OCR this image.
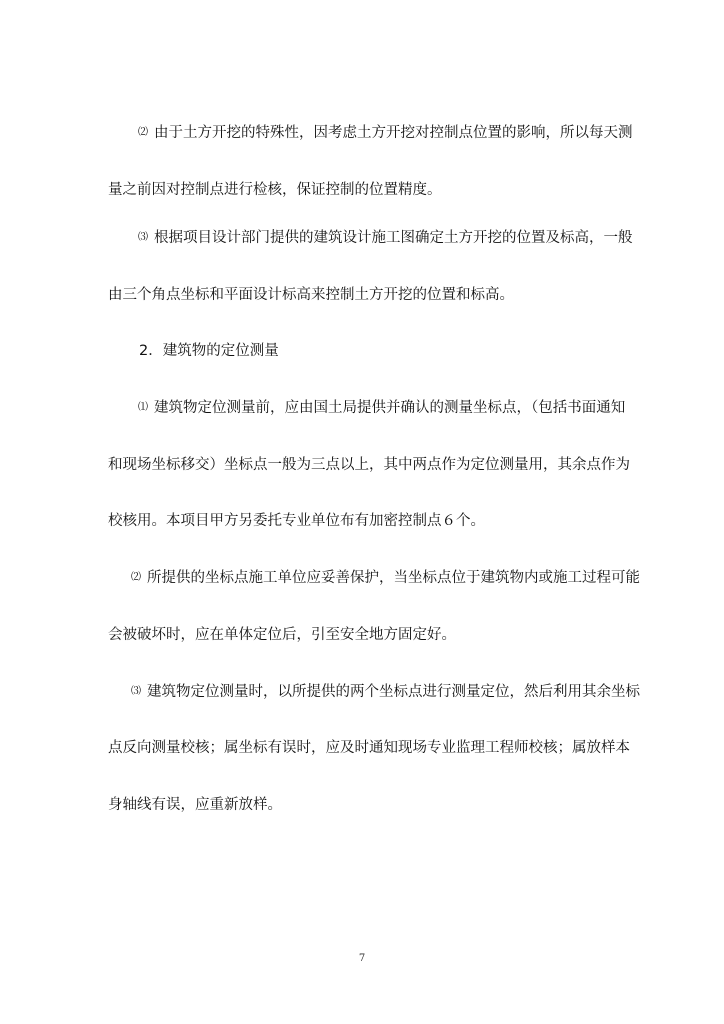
⑵ 由于土方开挖的特殊性，因考虑土方开挖对控制点位置的影响，所以每天测
量之前因对控制点进行检核，保证控制的位置精度。
⑶ 根据项目设计部门提供的建筑设计施工图确定土方开挖的位置及标高，一般
由三个角点坐标和平面设计标高来控制土方开挖的位置和标高。
2．建筑物的定位测量
⑴ 建筑物定位测量前，应由国土局提供并确认的测量坐标点，（包括书面通知
和现场坐标移交）坐标点一般为三点以上，其中两点作为定位测量用，其余点作为
校核用。本项目甲方另委托专业单位布有加密控制点６个。
⑵ 所提供的坐标点施工单位应妥善保护，当坐标点位于建筑物内或施工过程可能
会被破坏时，应在单体定位后，引至安全地方固定好。
⑶ 建筑物定位测量时，以所提供的两个坐标点进行测量定位，然后利用其余坐标
点反向测量校核；属坐标有误时，应及时通知现场专业监理工程师校核；属放样本
身轴线有误，应重新放样。
7
